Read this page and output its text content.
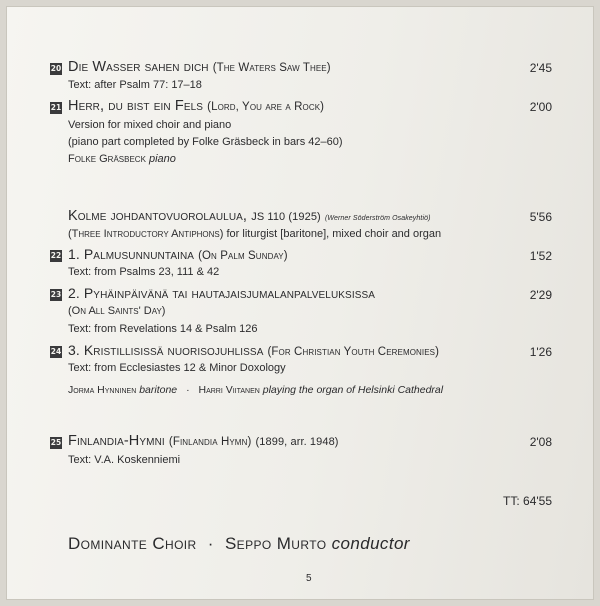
20 Die Wasser sahen dich (The Waters Saw Thee)	2'45
Text: after Psalm 77: 17–18
21 Herr, du bist ein Fels (Lord, You are a Rock)	2'00
Version for mixed choir and piano
(piano part completed by Folke Gräsbeck in bars 42–60)
Folke Gräsbeck piano
Kolme johdantovuorolaulua, JS 110 (1925) (Werner Söderström Osakeyhtiö)	5'56
(Three Introductory Antiphons) for liturgist [baritone], mixed choir and organ
22 1. Palmusunnuntaina (On Palm Sunday)	1'52
Text: from Psalms 23, 111 & 42
23 2. Pyhäinpäivänä tai hautajaisjumalanpalveluksissa	2'29
(On All Saints' Day)
Text: from Revelations 14 & Psalm 126
24 3. Kristillisissä nuorisojuhlissa (For Christian Youth Ceremonies)	1'26
Text: from Ecclesiastes 12 & Minor Doxology
Jorma Hynninen baritone · Harri Viitanen playing the organ of Helsinki Cathedral
25 Finlandia-Hymni (Finlandia Hymn) (1899, arr. 1948)	2'08
Text: V.A. Koskenniemi
TT: 64'55
Dominante Choir · Seppo Murto conductor
5
